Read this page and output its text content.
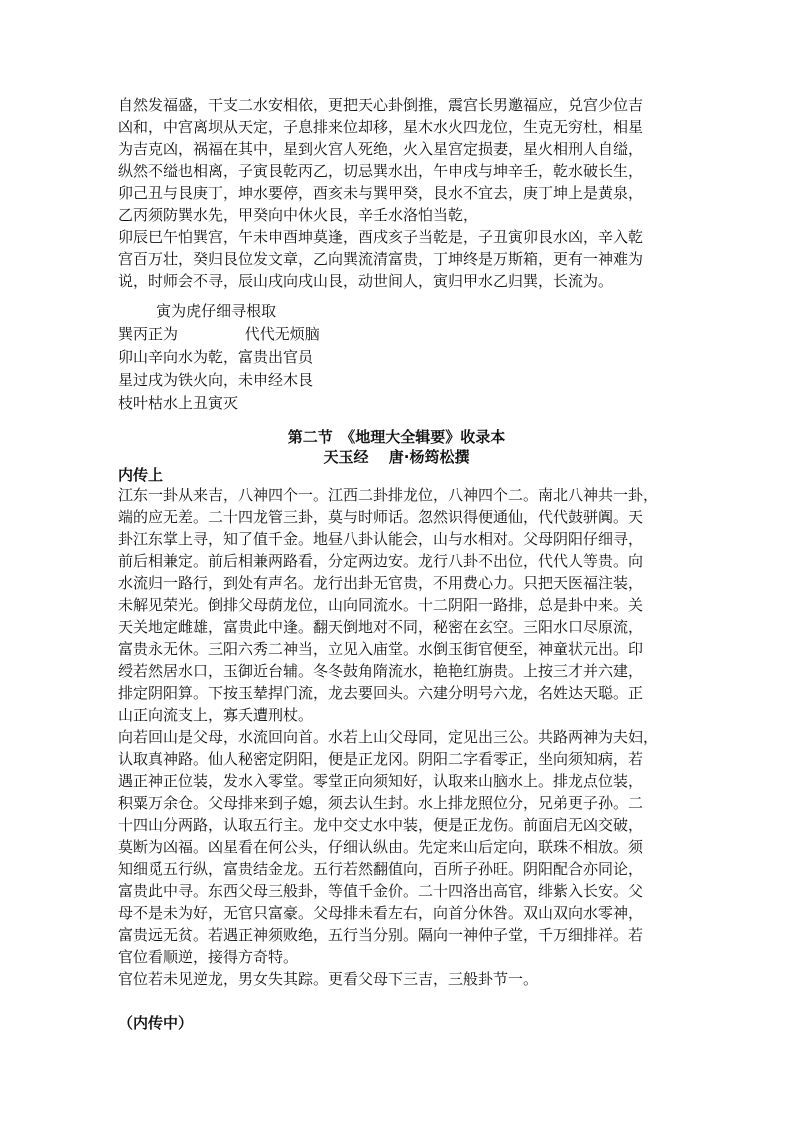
自然发福盛，干支二水安相依，更把天心卦倒推，震宫长男邀福应，兑宫少位吉
凶和，中宫离坝从天定，子息排来位却移，星木水火四龙位，生克无穷杜，相星
为吉克凶，祸福在其中，星到火宫人死绝，火入星宫定损妻，星火相刑人自缢，
纵然不缢也相离，子寅艮乾丙乙，切忌巽水出，午申戌与坤辛壬，乾水破长生，
卯己丑与艮庚丁，坤水要停，酉亥未与巽甲癸，艮水不宜去，庚丁坤上是黄泉，
乙丙须防巽水先，甲癸向中休火艮，辛壬水洛怕当乾，
卯辰巳午怕巽宫，午未申酉坤莫逢，酉戌亥子当乾是，子丑寅卯艮水凶，辛入乾
宫百万壮，癸归艮位发文章，乙向巽流清富贵，丁坤终是万斯箱，更有一神难为
说，时师会不寻，辰山戌向戌山艮，动世间人，寅归甲水乙归巽，长流为。
寅为虎仔细寻根取
巽丙正为              代代无烦脑
卯山辛向水为乾，富贵出官员
星过戌为铁火向，未申经木艮
枝叶枯水上丑寅灭
第二节　《地理大全辑要》收录本
天玉经　 唐·杨筠松撰
内传上
江东一卦从来吉，八神四个一。江西二卦排龙位，八神四个二。南北八神共一卦，
端的应无差。二十四龙管三卦，莫与时师话。忽然识得便通仙，代代鼓骈阗。天
卦江东掌上寻，知了值千金。地昼八卦认能会，山与水相对。父母阴阳仔细寻，
前后相兼定。前后相兼两路看，分定两边安。龙行八卦不出位，代代人等贵。向
水流归一路行，到处有声名。龙行出卦无官贵，不用费心力。只把天医福注装，
未解见荣光。倒排父母荫龙位，山向同流水。十二阴阳一路排，总是卦中来。关
天关地定雌雄，富贵此中逢。翻天倒地对不同，秘密在玄空。三阳水口尽原流，
富贵永无休。三阳六秀二神当，立见入庙堂。水倒玉街官便至，神童状元出。印
绶若然居水口，玉御近台辅。冬冬鼓角隋流水，艳艳红旃贵。上按三才并六建，
排定阴阳算。下按玉辇捍门流，龙去要回头。六建分明号六龙，名姓达天聪。正
山正向流支上，寡夭遭刑杖。
向若回山是父母，水流回向首。水若上山父母同，定见出三公。共路两神为夫妇，
认取真神路。仙人秘密定阴阳，便是正龙冈。阴阳二字看零正，坐向须知病，若
遇正神正位装，发水入零堂。零堂正向须知好，认取来山脑水上。排龙点位装，
积粟万余仓。父母排来到子媳，须去认生封。水上排龙照位分，兄弟更子孙。二
十四山分两路，认取五行主。龙中交丈水中装，便是正龙伤。前面启无凶交破，
莫断为凶福。凶星看在何公头，仔细认纵由。先定来山后定向，联珠不相放。须
知细觅五行纵，富贵结金龙。五行若然翻值向，百所子孙旺。阴阳配合亦同论，
富贵此中寻。东西父母三般卦，等值千金价。二十四洛出高官，绯紫入长安。父
母不是未为好，无官只富豪。父母排未看左右，向首分休咎。双山双向水零神，
富贵远无贫。若遇正神须败绝，五行当分别。隔向一神仲子堂，千万细排祥。若
官位看顺逆，接得方奇特。
官位若未见逆龙，男女失其踪。更看父母下三吉，三般卦节一。
（内传中）
